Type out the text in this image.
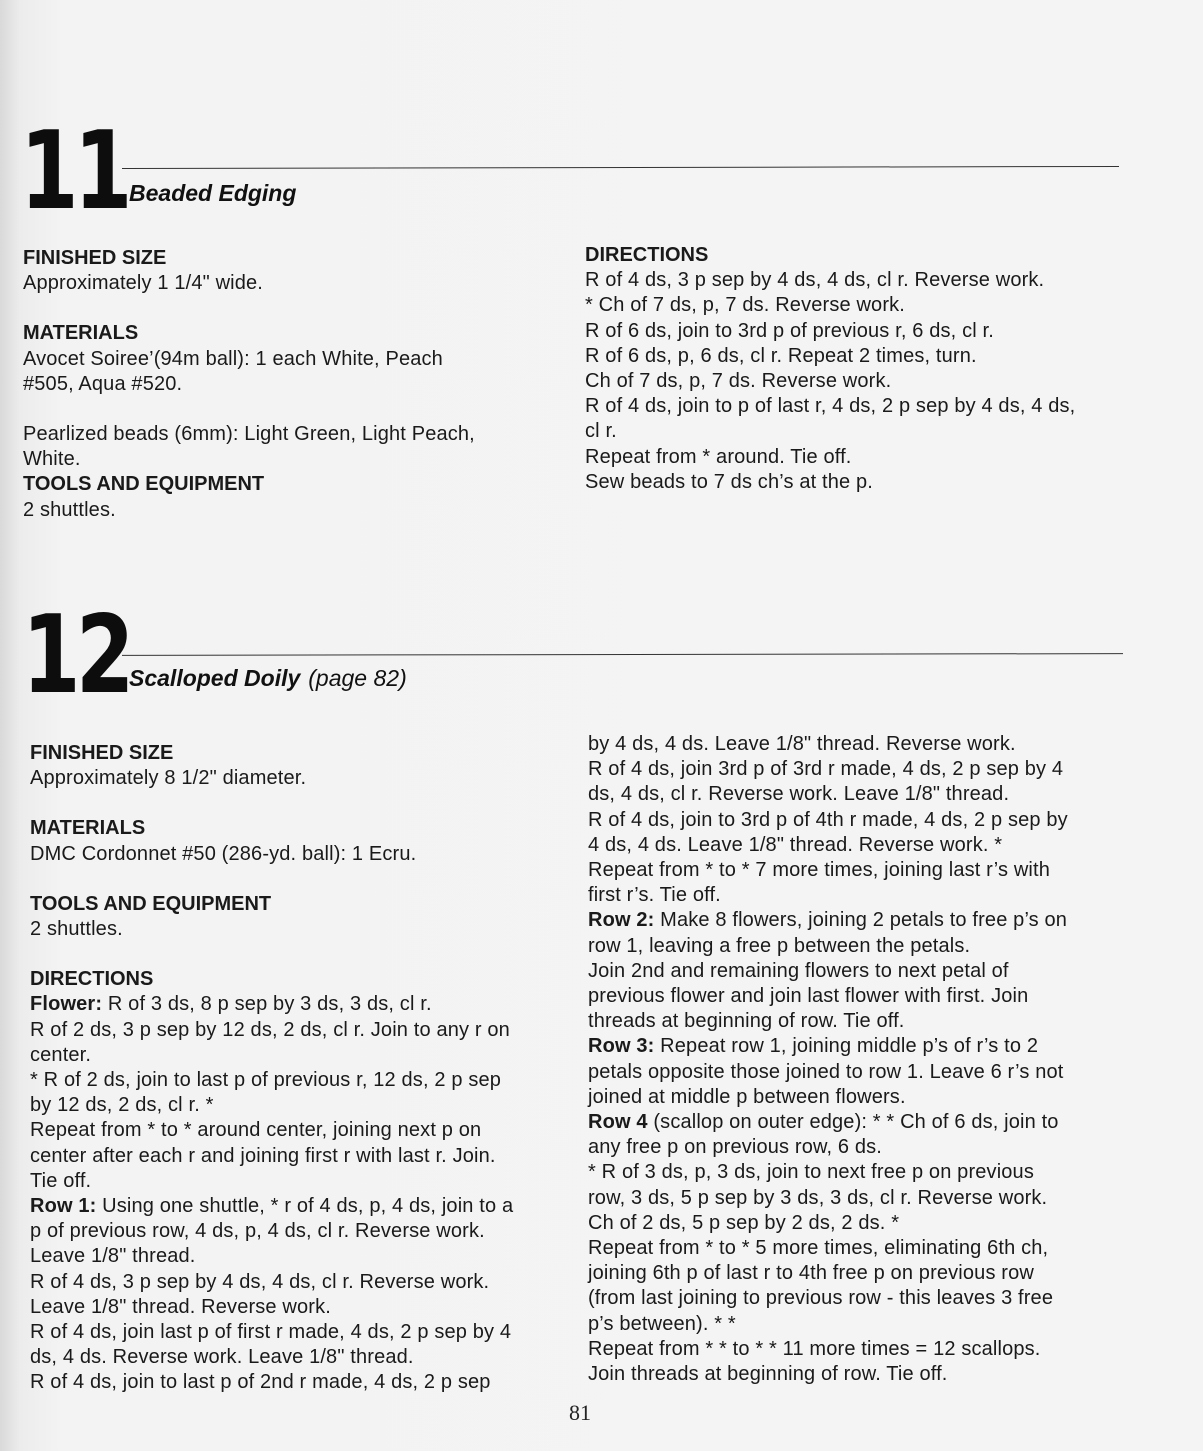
11 Beaded Edging

FINISHED SIZE

Approximately 1 1/4" wide.

MATERIALS

Avocet Soiree’(94m ball): 1 each White, Peach

#505, Aqua #520.

Pearlized beads (6mm): Light Green, Light Peach,

White.

TOOLS AND EQUIPMENT

2 shuttles.

DIRECTIONS

R of 4 ds, 3 p sep by 4 ds, 4 ds, cl r. Reverse work.

* Ch of 7 ds, p, 7 ds. Reverse work.

R of 6 ds, join to 3rd p of previous r, 6 ds, cl r.

R of 6 ds, p, 6 ds, cl r. Repeat 2 times, turn.

Ch of 7 ds, p, 7 ds. Reverse work.

R of 4 ds, join to p of last r, 4 ds, 2 p sep by 4 ds, 4 ds,

cl r.

Repeat from * around. Tie off.

Sew beads to 7 ds ch’s at the p.

12 Scalloped Doily (page 82)

FINISHED SIZE

Approximately 8 1/2" diameter.

MATERIALS

DMC Cordonnet #50 (286-yd. ball): 1 Ecru.

TOOLS AND EQUIPMENT

2 shuttles.

DIRECTIONS

Flower: R of 3 ds, 8 p sep by 3 ds, 3 ds, cl r.

R of 2 ds, 3 p sep by 12 ds, 2 ds, cl r. Join to any r on

center.

* R of 2 ds, join to last p of previous r, 12 ds, 2 p sep

by 12 ds, 2 ds, cl r. *

Repeat from * to * around center, joining next p on

center after each r and joining first r with last r. Join.

Tie off.

Row 1: Using one shuttle, * r of 4 ds, p, 4 ds, join to a

p of previous row, 4 ds, p, 4 ds, cl r. Reverse work.

Leave 1/8" thread.

R of 4 ds, 3 p sep by 4 ds, 4 ds, cl r. Reverse work.

Leave 1/8" thread. Reverse work.

R of 4 ds, join last p of first r made, 4 ds, 2 p sep by 4

ds, 4 ds. Reverse work. Leave 1/8" thread.

R of 4 ds, join to last p of 2nd r made, 4 ds, 2 p sep

by 4 ds, 4 ds. Leave 1/8" thread. Reverse work.

R of 4 ds, join 3rd p of 3rd r made, 4 ds, 2 p sep by 4

ds, 4 ds, cl r. Reverse work. Leave 1/8" thread.

R of 4 ds, join to 3rd p of 4th r made, 4 ds, 2 p sep by

4 ds, 4 ds. Leave 1/8" thread. Reverse work. *

Repeat from * to * 7 more times, joining last r’s with

first r’s. Tie off.

Row 2: Make 8 flowers, joining 2 petals to free p’s on

row 1, leaving a free p between the petals.

Join 2nd and remaining flowers to next petal of

previous flower and join last flower with first. Join

threads at beginning of row. Tie off.

Row 3: Repeat row 1, joining middle p’s of r’s to 2

petals opposite those joined to row 1. Leave 6 r’s not

joined at middle p between flowers.

Row 4 (scallop on outer edge): * * Ch of 6 ds, join to

any free p on previous row, 6 ds.

* R of 3 ds, p, 3 ds, join to next free p on previous

row, 3 ds, 5 p sep by 3 ds, 3 ds, cl r. Reverse work.

Ch of 2 ds, 5 p sep by 2 ds, 2 ds. *

Repeat from * to * 5 more times, eliminating 6th ch,

joining 6th p of last r to 4th free p on previous row

(from last joining to previous row - this leaves 3 free

p’s between). * *

Repeat from * * to * * 11 more times = 12 scallops.

Join threads at beginning of row. Tie off.

81
